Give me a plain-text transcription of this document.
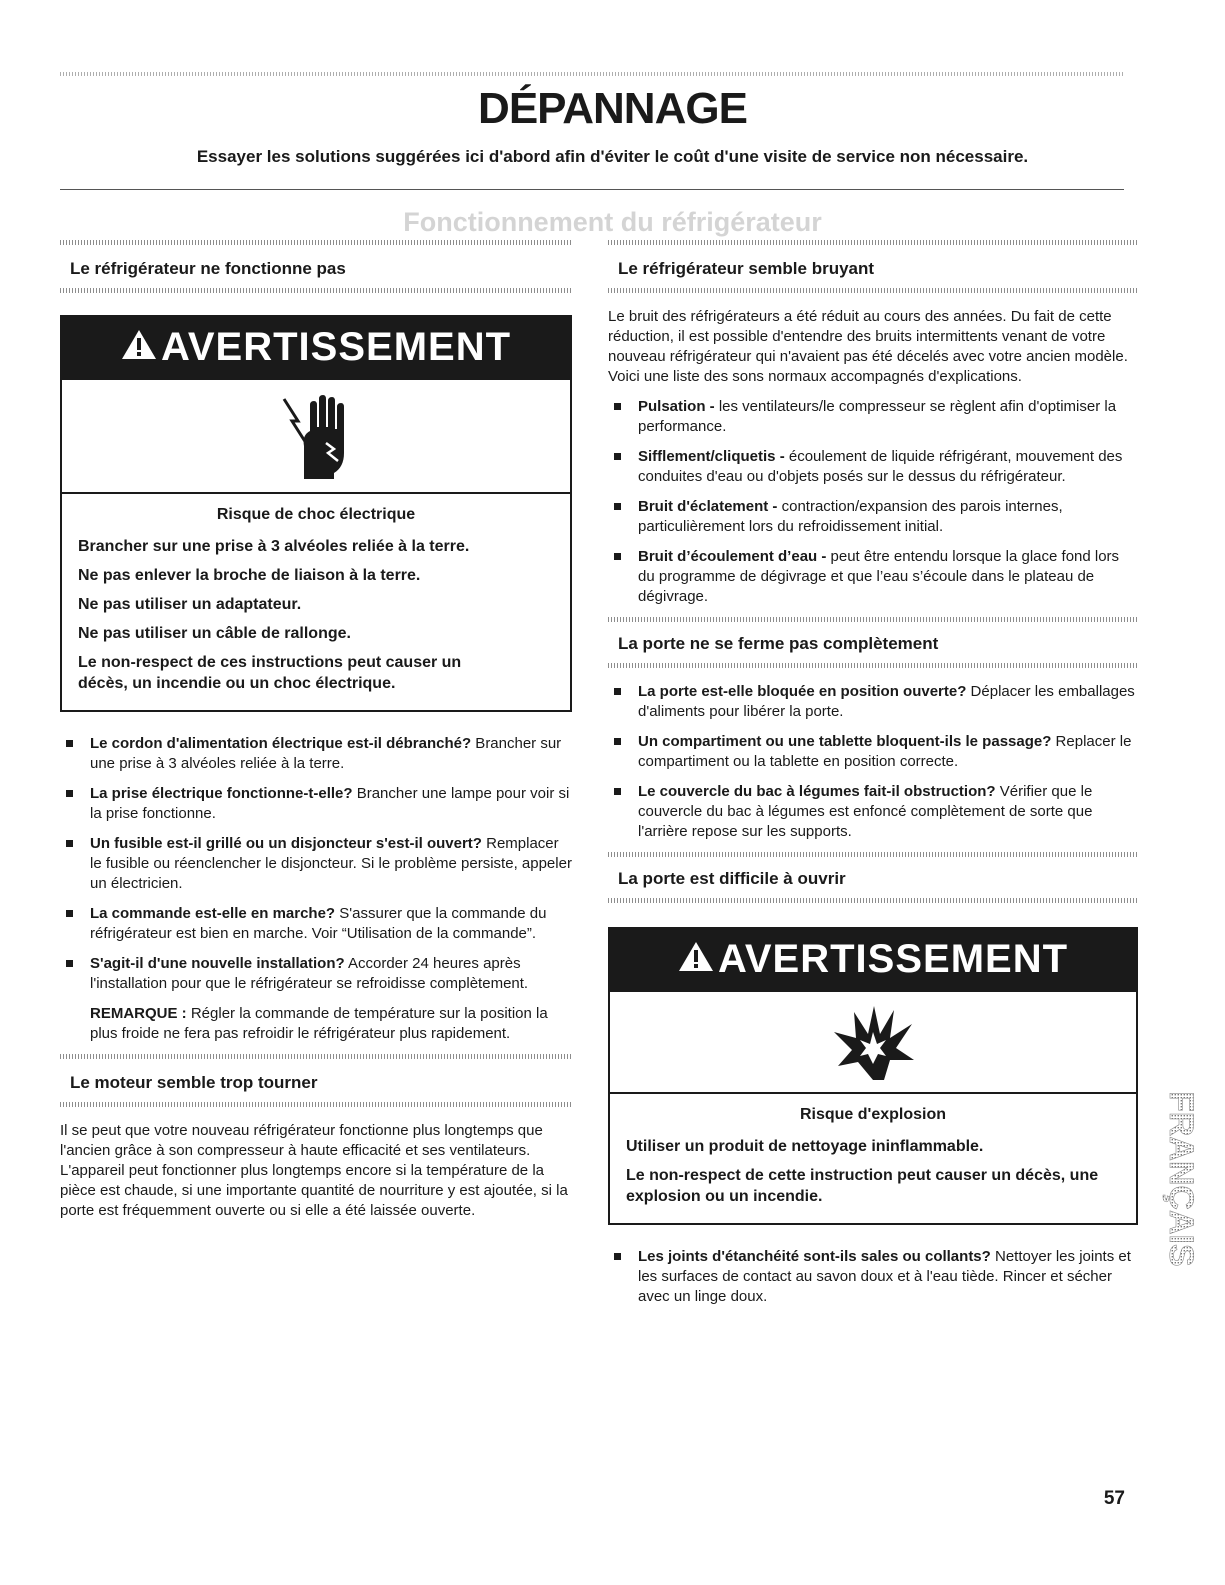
DÉPANNAGE

Essayer les solutions suggérées ici d'abord afin d'éviter le coût d'une visite de service non nécessaire.

Fonctionnement du réfrigérateur
Le réfrigérateur ne fonctionne pas
AVERTISSEMENT

Risque de choc électrique

Brancher sur une prise à 3 alvéoles reliée à la terre.

Ne pas enlever la broche de liaison à la terre.

Ne pas utiliser un adaptateur.

Ne pas utiliser un câble de rallonge.

Le non-respect de ces instructions peut causer un décès, un incendie ou un choc électrique.

Le cordon d'alimentation électrique est-il débranché? Brancher sur une prise à 3 alvéoles reliée à la terre.
La prise électrique fonctionne-t-elle? Brancher une lampe pour voir si la prise fonctionne.
Un fusible est-il grillé ou un disjoncteur s'est-il ouvert? Remplacer le fusible ou réenclencher le disjoncteur. Si le problème persiste, appeler un électricien.
La commande est-elle en marche? S'assurer que la commande du réfrigérateur est bien en marche. Voir “Utilisation de la commande”.
S'agit-il d'une nouvelle installation? Accorder 24 heures après l'installation pour que le réfrigérateur se refroidisse complètement.

REMARQUE : Régler la commande de température sur la position la plus froide ne fera pas refroidir le réfrigérateur plus rapidement.

Le moteur semble trop tourner

Il se peut que votre nouveau réfrigérateur fonctionne plus longtemps que l'ancien grâce à son compresseur à haute efficacité et ses ventilateurs. L'appareil peut fonctionner plus longtemps encore si la température de la pièce est chaude, si une importante quantité de nourriture y est ajoutée, si la porte est fréquemment ouverte ou si elle a été laissée ouverte.

Le réfrigérateur semble bruyant

Le bruit des réfrigérateurs a été réduit au cours des années. Du fait de cette réduction, il est possible d'entendre des bruits intermittents venant de votre nouveau réfrigérateur qui n'avaient pas été décelés avec votre ancien modèle. Voici une liste des sons normaux accompagnés d'explications.

Pulsation - les ventilateurs/le compresseur se règlent afin d'optimiser la performance.
Sifflement/cliquetis - écoulement de liquide réfrigérant, mouvement des conduites d'eau ou d'objets posés sur le dessus du réfrigérateur.
Bruit d'éclatement - contraction/expansion des parois internes, particulièrement lors du refroidissement initial.
Bruit d’écoulement d’eau - peut être entendu lorsque la glace fond lors du programme de dégivrage et que l’eau s’écoule dans le plateau de dégivrage.
La porte ne se ferme pas complètement
La porte est-elle bloquée en position ouverte? Déplacer les emballages d'aliments pour libérer la porte.
Un compartiment ou une tablette bloquent-ils le passage? Replacer le compartiment ou la tablette en position correcte.
Le couvercle du bac à légumes fait-il obstruction? Vérifier que le couvercle du bac à légumes est enfoncé complètement de sorte que l'arrière repose sur les supports.
La porte est difficile à ouvrir
AVERTISSEMENT

Risque d'explosion

Utiliser un produit de nettoyage ininflammable.

Le non-respect de cette instruction peut causer un décès, une explosion ou un incendie.

Les joints d'étanchéité sont-ils sales ou collants? Nettoyer les joints et les surfaces de contact au savon doux et à l'eau tiède. Rincer et sécher avec un linge doux.
FRANÇAIS
57
